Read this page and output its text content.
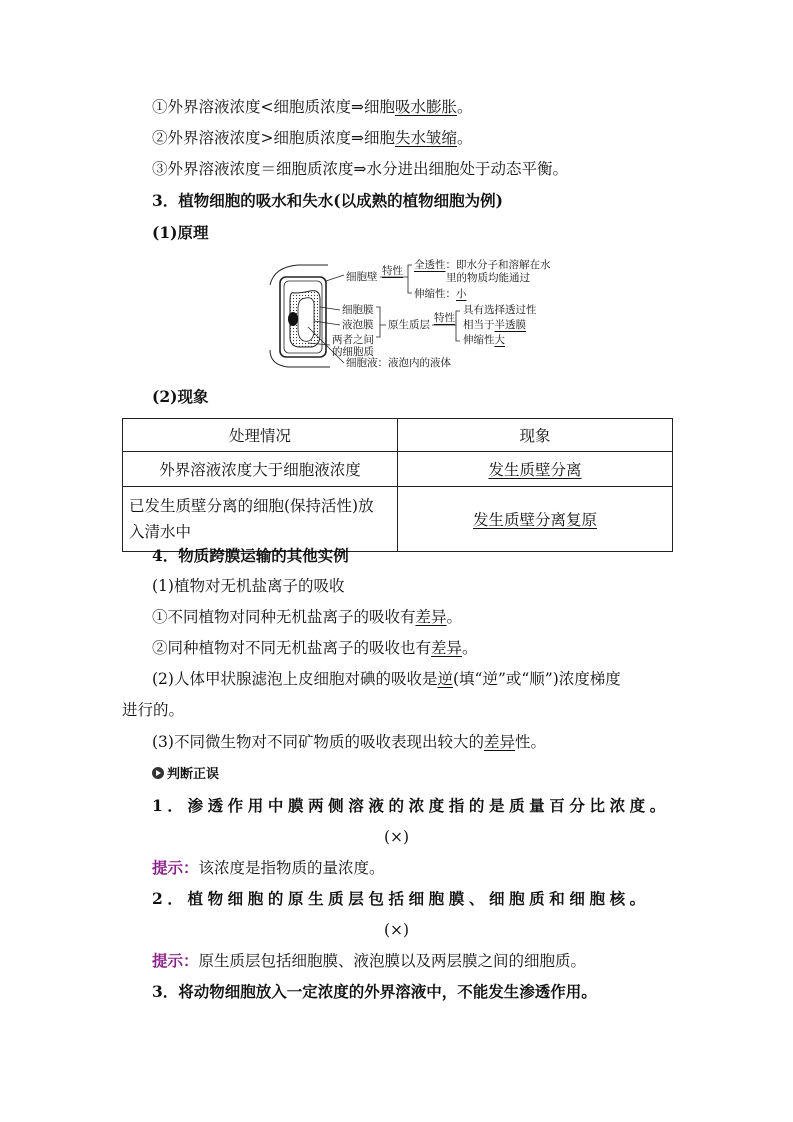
①外界溶液浓度<细胞质浓度⇒细胞吸水膨胀。
②外界溶液浓度>细胞质浓度⇒细胞失水皱缩。
③外界溶液浓度＝细胞质浓度⇒水分进出细胞处于动态平衡。
3．植物细胞的吸水和失水(以成熟的植物细胞为例)
(1)原理
细胞壁 特性 全透性：即水分子和溶解在水
里的物质均能通过
伸缩性：小
细胞膜
液泡膜
两者之间
的细胞质
原生质层
特性
具有选择透过性
相当于半透膜
伸缩性大
细胞液：液泡内的液体
(2)现象
处理情况	现象
外界溶液浓度大于细胞液浓度	发生质壁分离
已发生质壁分离的细胞(保持活性)放
入清水中	发生质壁分离复原
4．物质跨膜运输的其他实例
(1)植物对无机盐离子的吸收
①不同植物对同种无机盐离子的吸收有差异。
②同种植物对不同无机盐离子的吸收也有差异。
(2)人体甲状腺滤泡上皮细胞对碘的吸收是逆(填“逆”或“顺”)浓度梯度
进行的。
(3)不同微生物对不同矿物质的吸收表现出较大的差异性。
判断正误
1．渗透作用中膜两侧溶液的浓度指的是质量百分比浓度。
(×)
提示：该浓度是指物质的量浓度。
2．植物细胞的原生质层包括细胞膜、细胞质和细胞核。
(×)
提示：原生质层包括细胞膜、液泡膜以及两层膜之间的细胞质。
3．将动物细胞放入一定浓度的外界溶液中，不能发生渗透作用。
